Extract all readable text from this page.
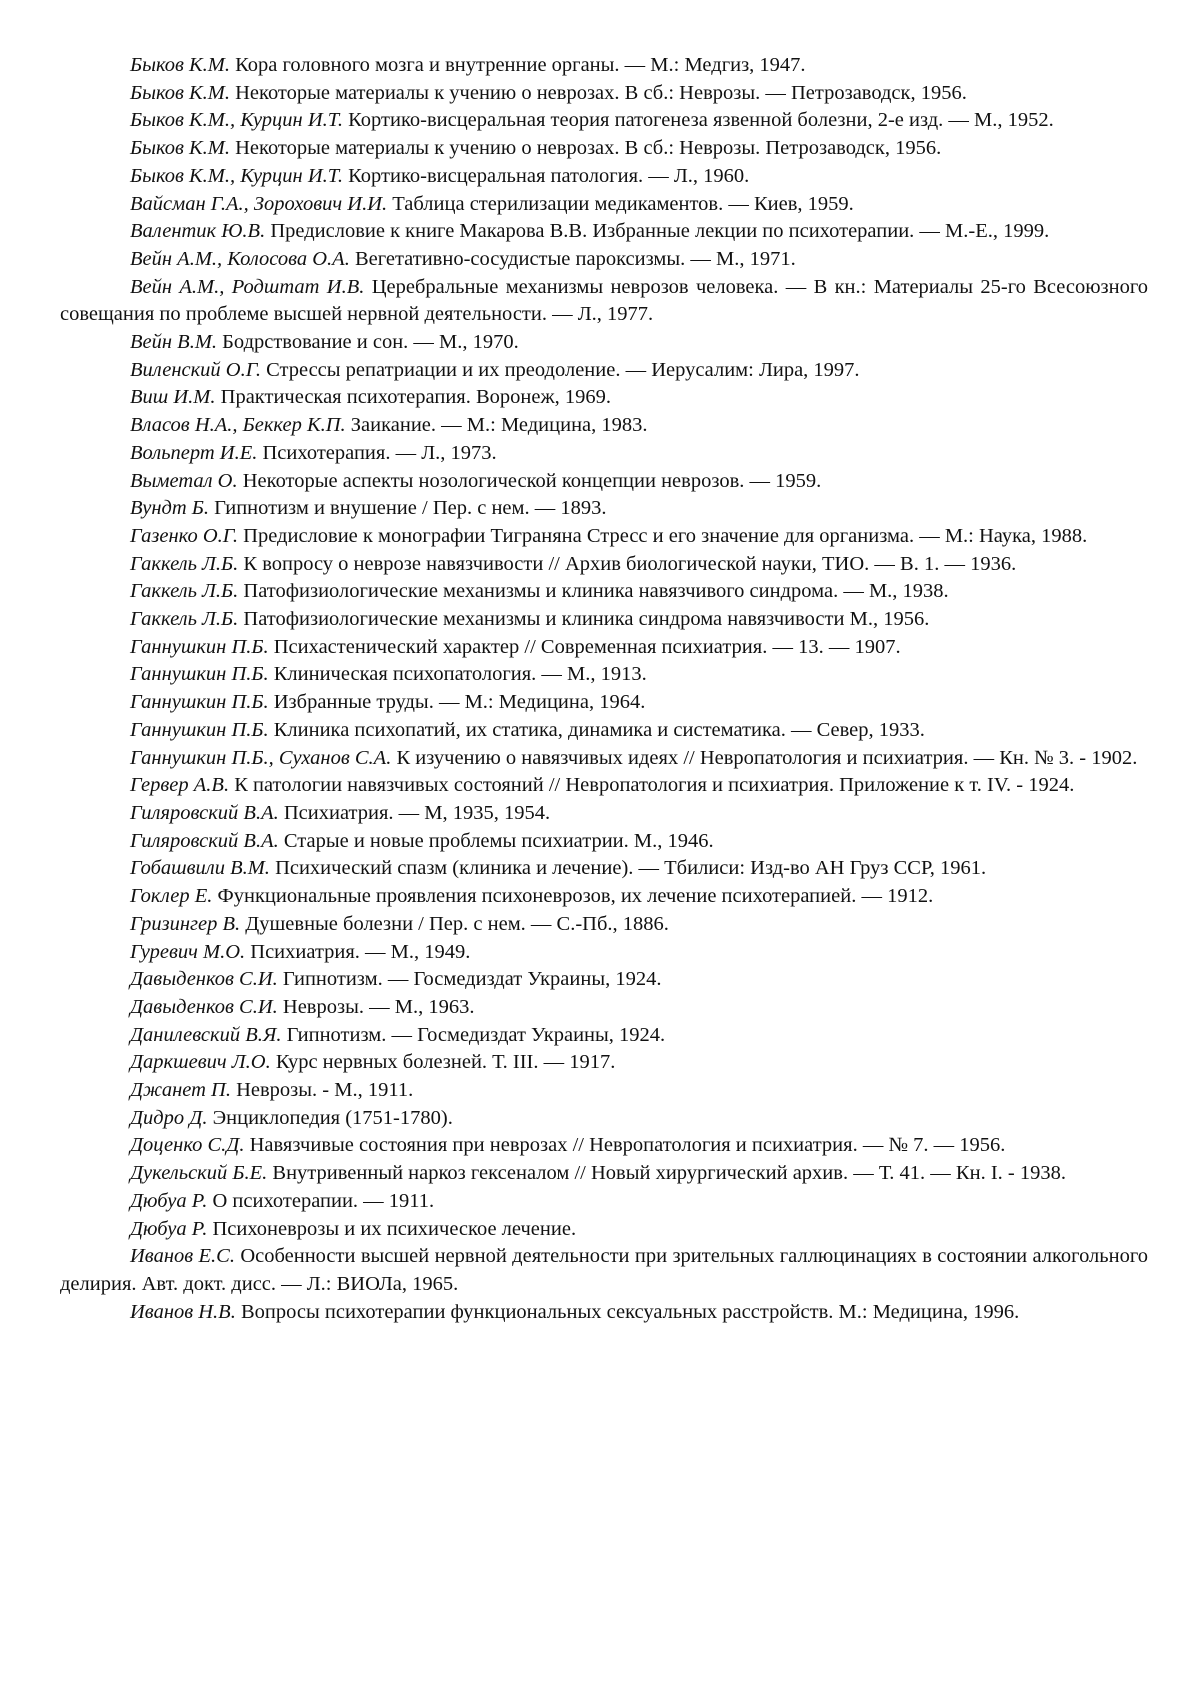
Быков К.М. Кора головного мозга и внутренние органы. — М.: Медгиз, 1947.

Быков К.М. Некоторые материалы к учению о неврозах. В сб.: Неврозы. — Петрозаводск, 1956.

Быков К.М., Курцин И.Т. Кортико-висцеральная теория патогенеза язвенной болезни, 2-е изд. — М., 1952.

Быков К.М. Некоторые материалы к учению о неврозах. В сб.: Неврозы. Петрозаводск, 1956.

Быков К.М., Курцин И.Т. Кортико-висцеральная патология. — Л., 1960.

Вайсман Г.А., Зорохович И.И. Таблица стерилизации медикаментов. — Киев, 1959.

Валентик Ю.В. Предисловие к книге Макарова В.В. Избранные лекции по психотерапии. — М.-Е., 1999.

Вейн А.М., Колосова О.А. Вегетативно-сосудистые пароксизмы. — М., 1971.

Вейн А.М., Родштат И.В. Церебральные механизмы неврозов человека. — В кн.: Материалы 25-го Всесоюзного совещания по проблеме высшей нервной деятельности. — Л., 1977.

Вейн В.М. Бодрствование и сон. — М., 1970.

Виленский О.Г. Стрессы репатриации и их преодоление. — Иерусалим: Лира, 1997.

Виш И.М. Практическая психотерапия. Воронеж, 1969.

Власов Н.А., Беккер К.П. Заикание. — М.: Медицина, 1983.

Вольперт И.Е. Психотерапия. — Л., 1973.

Выметал О. Некоторые аспекты нозологической концепции неврозов. — 1959.

Вундт Б. Гипнотизм и внушение / Пер. с нем. — 1893.

Газенко О.Г. Предисловие к монографии Тиграняна Стресс и его значение для организма. — М.: Наука, 1988.

Гаккель Л.Б. К вопросу о неврозе навязчивости // Архив биологической науки, ТИО. — В. 1. — 1936.

Гаккель Л.Б. Патофизиологические механизмы и клиника навязчивого синдрома. — М., 1938.

Гаккель Л.Б. Патофизиологические механизмы и клиника синдрома навязчивости М., 1956.

Ганнушкин П.Б. Психастенический характер // Современная психиатрия. — 13. — 1907.

Ганнушкин П.Б. Клиническая психопатология. — М., 1913.

Ганнушкин П.Б. Избранные труды. — М.: Медицина, 1964.

Ганнушкин П.Б. Клиника психопатий, их статика, динамика и систематика. — Север, 1933.

Ганнушкин П.Б., Суханов С.А. К изучению о навязчивых идеях // Невропатология и психиатрия. — Кн. № 3. - 1902.

Гервер А.В. К патологии навязчивых состояний // Невропатология и психиатрия. Приложение к т. IV. - 1924.

Гиляровский В.А. Психиатрия. — М, 1935, 1954.

Гиляровский В.А. Старые и новые проблемы психиатрии. М., 1946.

Гобашвили В.М. Психический спазм (клиника и лечение). — Тбилиси: Изд-во АН Груз ССР, 1961.

Гоклер Е. Функциональные проявления психоневрозов, их лечение психотерапией. — 1912.

Гризингер В. Душевные болезни / Пер. с нем. — С.-Пб., 1886.

Гуревич М.О. Психиатрия. — М., 1949.

Давыденков С.И. Гипнотизм. — Госмедиздат Украины, 1924.

Давыденков С.И. Неврозы. — М., 1963.

Данилевский В.Я. Гипнотизм. — Госмедиздат Украины, 1924.

Даркшевич Л.О. Курс нервных болезней. Т. III. — 1917.

Джанет П. Неврозы. - М., 1911.

Дидро Д. Энциклопедия (1751-1780).

Доценко С.Д. Навязчивые состояния при неврозах // Невропатология и психиатрия. — № 7. — 1956.

Дукельский Б.Е. Внутривенный наркоз гексеналом // Новый хирургический архив. — Т. 41. — Кн. I. - 1938.

Дюбуа Р. О психотерапии. — 1911.

Дюбуа Р. Психоневрозы и их психическое лечение.

Иванов Е.С. Особенности высшей нервной деятельности при зрительных галлюцинациях в состоянии алкогольного делирия. Авт. докт. дисс. — Л.: ВИОЛа, 1965.

Иванов Н.В. Вопросы психотерапии функциональных сексуальных расстройств. М.: Медицина, 1996.
